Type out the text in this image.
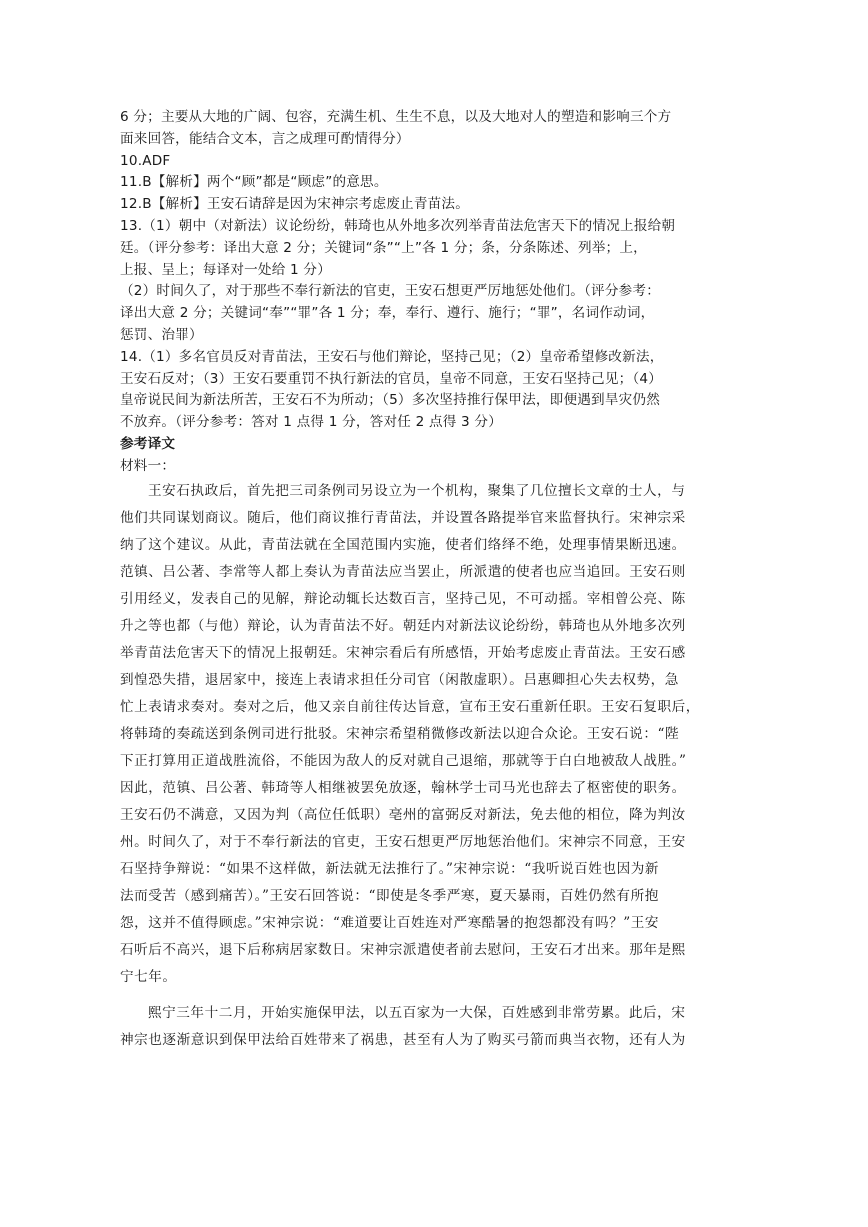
6 分；主要从大地的广阔、包容，充满生机、生生不息，以及大地对人的塑造和影响三个方
面来回答，能结合文本，言之成理可酌情得分）
10.ADF
11.B【解析】两个“顾”都是“顾虑”的意思。
12.B【解析】王安石请辞是因为宋神宗考虑废止青苗法。
13.（1）朝中（对新法）议论纷纷，韩琦也从外地多次列举青苗法危害天下的情况上报给朝
廷。（评分参考：译出大意 2 分；关键词“条”“上”各 1 分；条，分条陈述、列举；上，
上报、呈上；每译对一处给 1 分）
（2）时间久了，对于那些不奉行新法的官吏，王安石想更严厉地惩处他们。（评分参考：
译出大意 2 分；关键词“奉”“罪”各 1 分；奉，奉行、遵行、施行；“罪”，名词作动词，
惩罚、治罪）
14.（1）多名官员反对青苗法，王安石与他们辩论，坚持己见；（2）皇帝希望修改新法，
王安石反对；（3）王安石要重罚不执行新法的官员，皇帝不同意，王安石坚持己见；（4）
皇帝说民间为新法所苦，王安石不为所动；（5）多次坚持推行保甲法，即便遇到旱灾仍然
不放弃。（评分参考：答对 1 点得 1 分，答对任 2 点得 3 分）
参考译文
材料一：
王安石执政后，首先把三司条例司另设立为一个机构，聚集了几位擅长文章的士人，与
他们共同谋划商议。随后，他们商议推行青苗法，并设置各路提举官来监督执行。宋神宗采
纳了这个建议。从此，青苗法就在全国范围内实施，使者们络绎不绝，处理事情果断迅速。
范镇、吕公著、李常等人都上奏认为青苗法应当罢止，所派遣的使者也应当追回。王安石则
引用经义，发表自己的见解，辩论动辄长达数百言，坚持己见，不可动摇。宰相曾公亮、陈
升之等也都（与他）辩论，认为青苗法不好。朝廷内对新法议论纷纷，韩琦也从外地多次列
举青苗法危害天下的情况上报朝廷。宋神宗看后有所感悟，开始考虑废止青苗法。王安石感
到惶恐失措，退居家中，接连上表请求担任分司官（闲散虚职）。吕惠卿担心失去权势，急
忙上表请求奏对。奏对之后，他又亲自前往传达旨意，宣布王安石重新任职。王安石复职后，
将韩琦的奏疏送到条例司进行批驳。宋神宗希望稍微修改新法以迎合众论。王安石说：“陛
下正打算用正道战胜流俗，不能因为敌人的反对就自己退缩，那就等于白白地被敌人战胜。”
因此，范镇、吕公著、韩琦等人相继被罢免放逐，翰林学士司马光也辞去了枢密使的职务。
王安石仍不满意，又因为判（高位任低职）亳州的富弼反对新法，免去他的相位，降为判汝
州。时间久了，对于不奉行新法的官吏，王安石想更严厉地惩治他们。宋神宗不同意，王安
石坚持争辩说：“如果不这样做，新法就无法推行了。”宋神宗说：“我听说百姓也因为新
法而受苦（感到痛苦）。”王安石回答说：“即使是冬季严寒，夏天暴雨，百姓仍然有所抱
怨，这并不值得顾虑。”宋神宗说：“难道要让百姓连对严寒酷暑的抱怨都没有吗？”王安
石听后不高兴，退下后称病居家数日。宋神宗派遣使者前去慰问，王安石才出来。那年是熙
宁七年。
熙宁三年十二月，开始实施保甲法，以五百家为一大保，百姓感到非常劳累。此后，宋
神宗也逐渐意识到保甲法给百姓带来了祸患，甚至有人为了购买弓箭而典当衣物，还有人为
